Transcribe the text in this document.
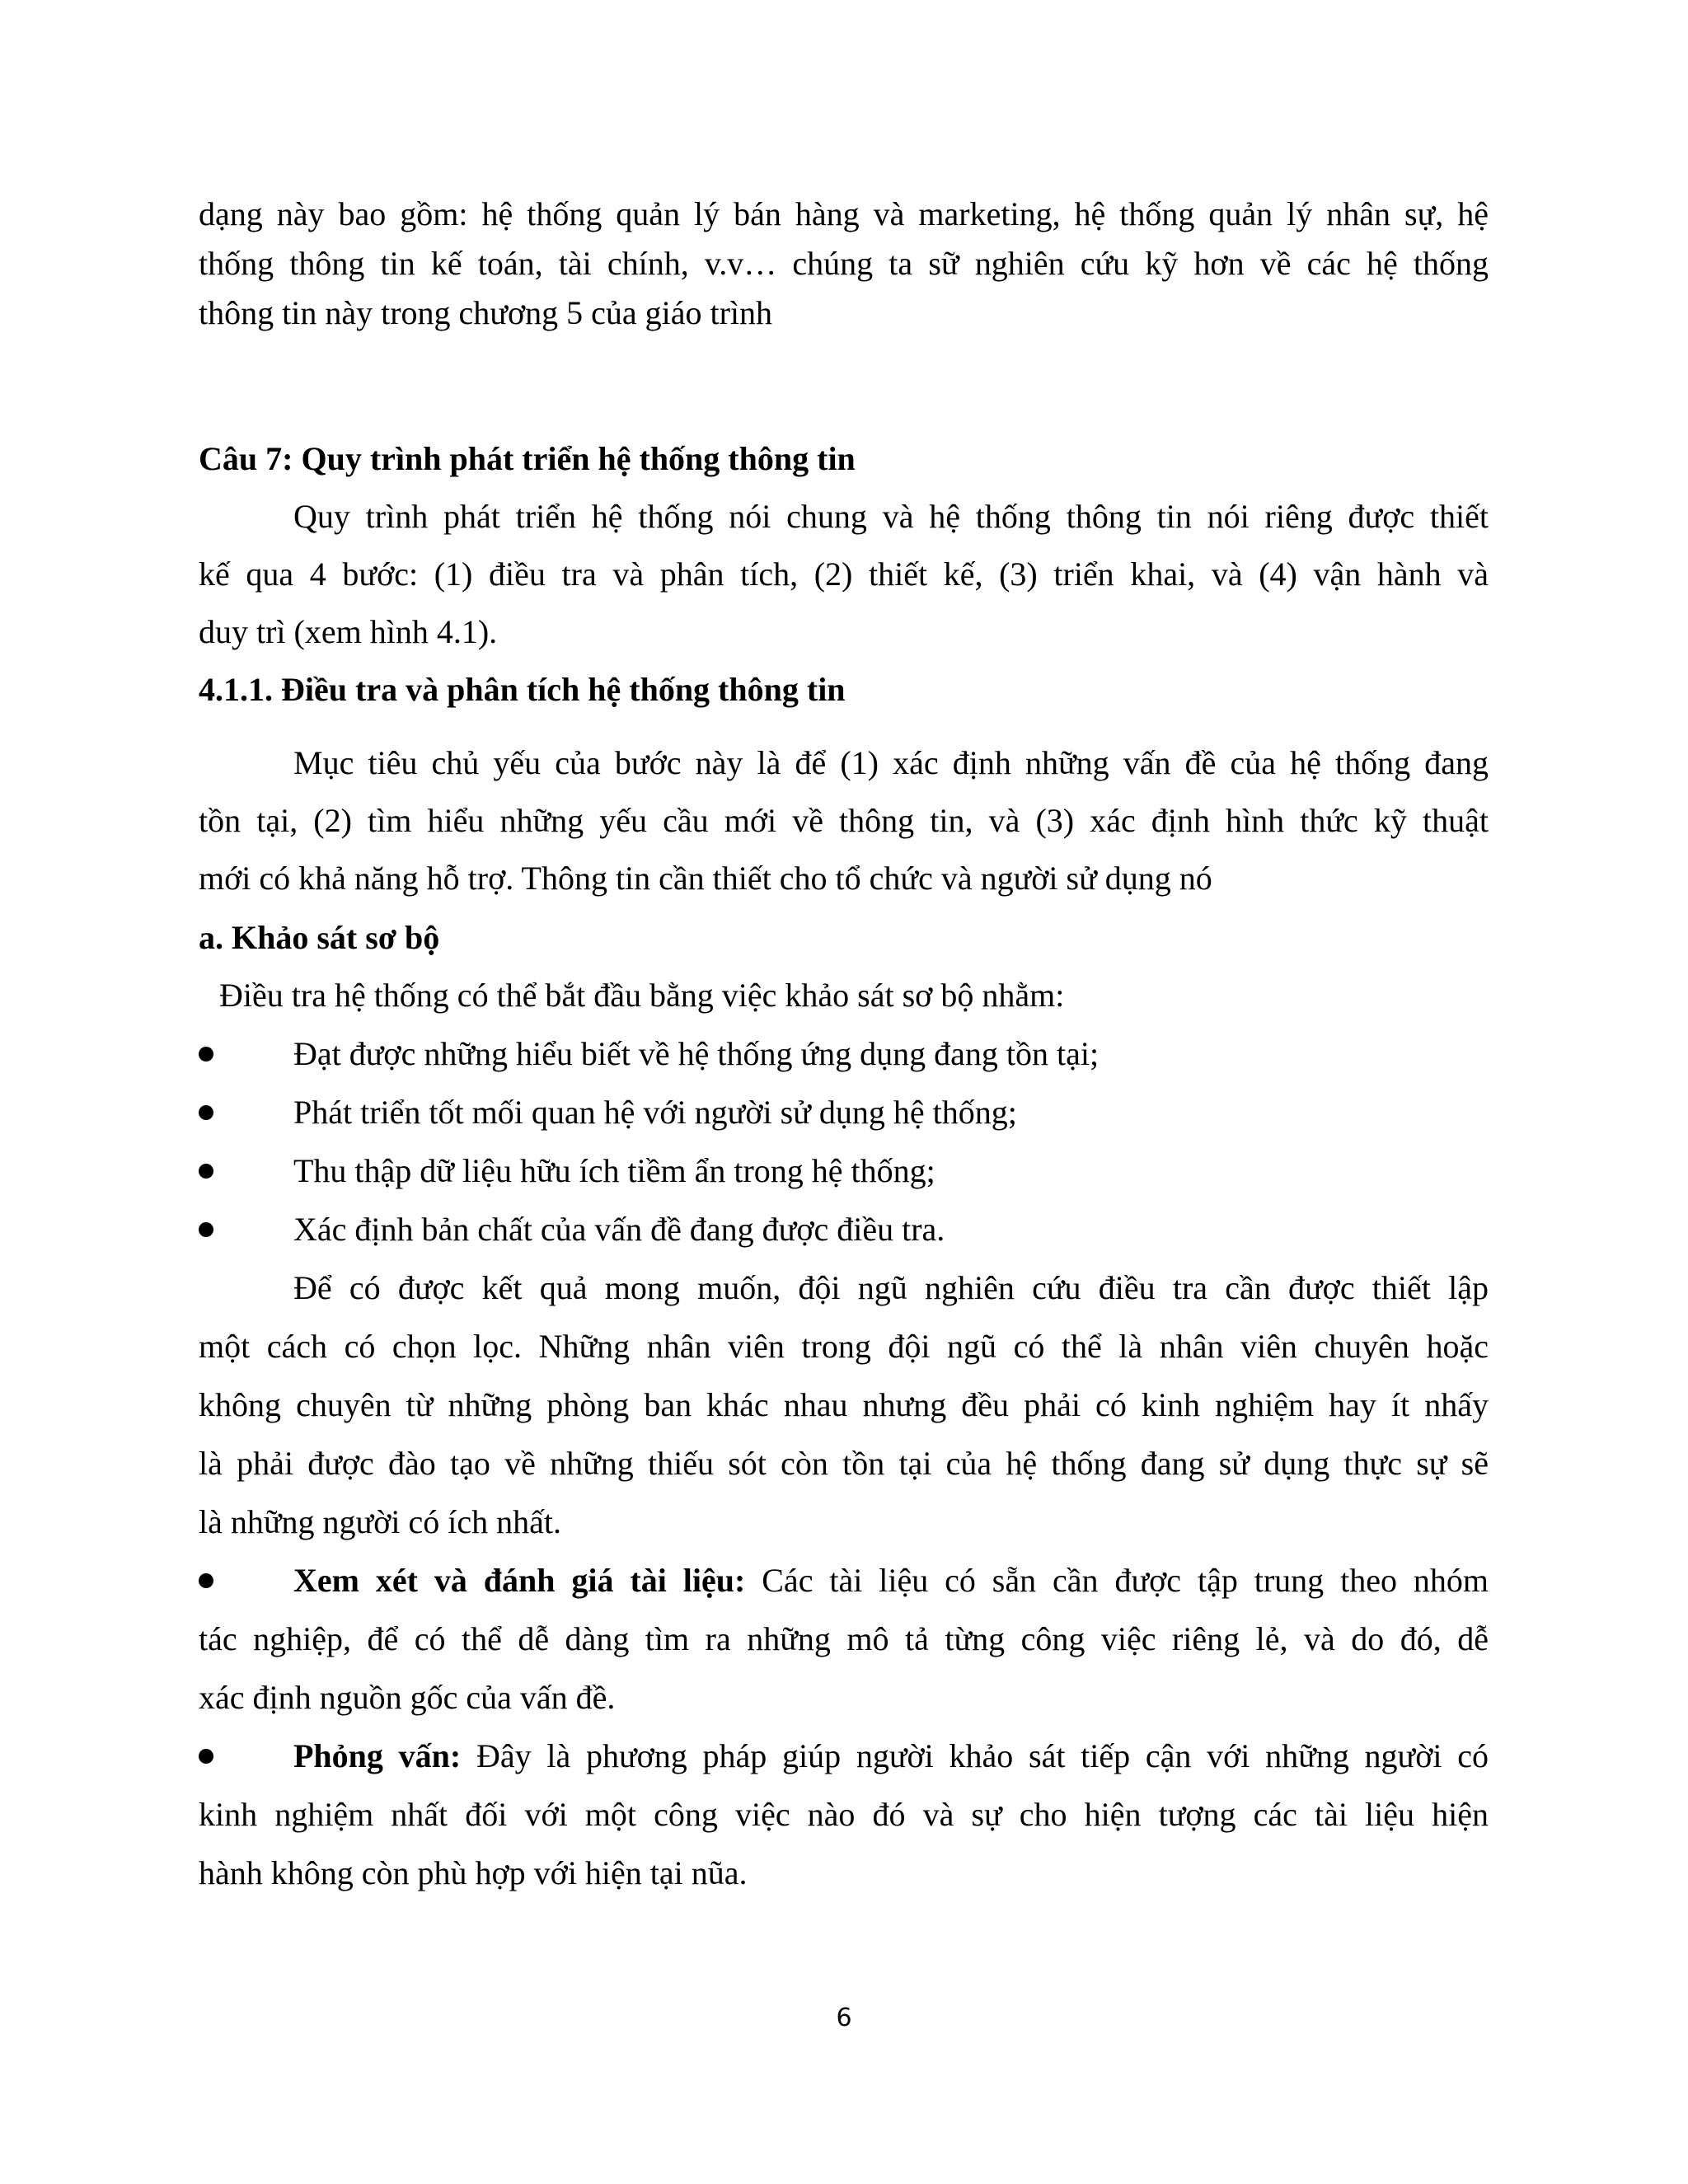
dạng này bao gồm: hệ thống quản lý bán hàng và marketing, hệ thống quản lý nhân sự, hệ
thống thông tin kế toán, tài chính, v.v… chúng ta sữ nghiên cứu kỹ hơn về các hệ thống
thông tin này trong chương 5 của giáo trình
Câu 7: Quy trình phát triển hệ thống thông tin
Quy trình phát triển hệ thống nói chung và hệ thống thông tin nói riêng được thiết
kế qua 4 bước: (1) điều tra và phân tích, (2) thiết kế, (3) triển khai, và (4) vận hành và
duy trì (xem hình 4.1).
4.1.1. Điều tra và phân tích hệ thống thông tin
Mục tiêu chủ yếu của bước này là để (1) xác định những vấn đề của hệ thống đang
tồn tại, (2) tìm hiểu những yếu cầu mới về thông tin, và (3) xác định hình thức kỹ thuật
mới có khả năng hỗ trợ. Thông tin cần thiết cho tổ chức và người sử dụng nó
a. Khảo sát sơ bộ
Điều tra hệ thống có thể bắt đầu bằng việc khảo sát sơ bộ nhằm:
Đạt được những hiểu biết về hệ thống ứng dụng đang tồn tại;
Phát triển tốt mối quan hệ với người sử dụng hệ thống;
Thu thập dữ liệu hữu ích tiềm ẩn trong hệ thống;
Xác định bản chất của vấn đề đang được điều tra.
Để có được kết quả mong muốn, đội ngũ nghiên cứu điều tra cần được thiết lập
một cách có chọn lọc. Những nhân viên trong đội ngũ có thể là nhân viên chuyên hoặc
không chuyên từ những phòng ban khác nhau nhưng đều phải có kinh nghiệm hay ít nhấy
là phải được đào tạo về những thiếu sót còn tồn tại của hệ thống đang sử dụng thực sự sẽ
là những người có ích nhất.
Xem xét và đánh giá tài liệu: Các tài liệu có sẵn cần được tập trung theo nhóm
tác nghiệp, để có thể dễ dàng tìm ra những mô tả từng công việc riêng lẻ, và do đó, dễ
xác định nguồn gốc của vấn đề.
Phỏng vấn: Đây là phương pháp giúp người khảo sát tiếp cận với những người có
kinh nghiệm nhất đối với một công việc nào đó và sự cho hiện tượng các tài liệu hiện
hành không còn phù hợp với hiện tại nũa.
6
